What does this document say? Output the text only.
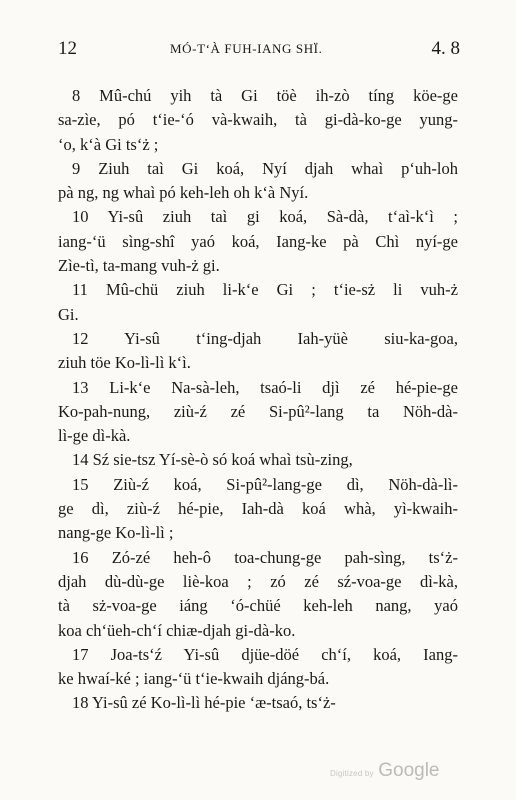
12	MÓ-T‘À FUH-IANG SHÏ.	4. 8
8 Mû-chú yih tà Gi töè ih-zò tíng köe-ge
sa-zìe, pó t‘ie-‘ó và-kwaih, tà gi-dà-ko-ge yung-
‘o, k‘à Gi ts‘ż ;
9 Ziuh taì Gi koá, Nyí djah whaì p‘uh-loh
pà ng, ng whaì pó keh-leh oh k‘à Nyí.
10 Yi-sû ziuh taì gi koá, Sà-dà, t‘aì-k‘ì ;
iang-‘ü sìng-shî yaó koá, Iang-ke pà Chì nyí-ge
Zìe-tì, ta-mang vuh-ż gi.
11 Mû-chü ziuh li-k‘e Gi ; t‘ie-sż li vuh-ż
Gi.
12 Yi-sû t‘ing-djah Iah-yüè siu-ka-goa,
ziuh töe Ko-lì-lì k‘ì.
13 Li-k‘e Na-sà-leh, tsaó-li djì zé hé-pie-ge
Ko-pah-nung, ziù-ź zé Si-pû²-lang ta Nöh-dà-
lì-ge dì-kà.
14 Sź sie-tsz Yí-sè-ò só koá whaì tsù-zing,
15 Ziù-ź koá, Si-pû²-lang-ge dì, Nöh-dà-lì-
ge dì, ziù-ź hé-pie, Iah-dà koá whà, yì-kwaih-
nang-ge Ko-lì-lì ;
16 Zó-zé heh-ô toa-chung-ge pah-sìng, ts‘ż-
djah dù-dù-ge liè-koa ; zó zé sź-voa-ge dì-kà,
tà sż-voa-ge iáng ‘ó-chüé keh-leh nang, yaó
koa ch‘üeh-ch‘í chiæ-djah gi-dà-ko.
17 Joa-ts‘ź Yi-sû djüe-döé ch‘í, koá, Iang-
ke hwaí-ké ; iang-‘ü t‘ie-kwaih djáng-bá.
18 Yi-sû zé Ko-lì-lì hé-pie ‘æ-tsaó, ts‘ż-
Digitized by Google
